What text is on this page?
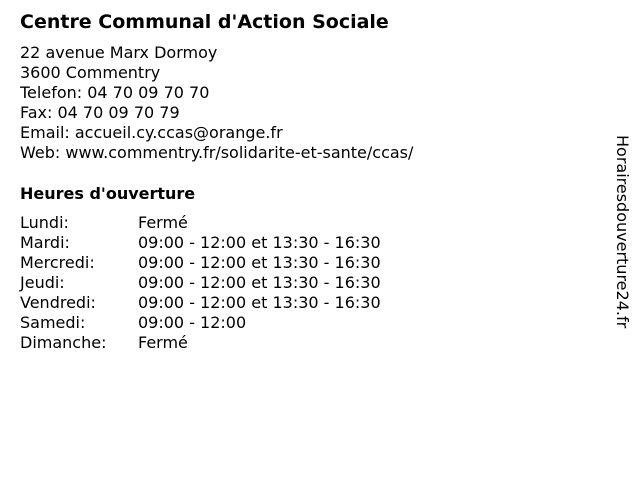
Centre Communal d'Action Sociale
22 avenue Marx Dormoy
3600 Commentry
Telefon: 04 70 09 70 70
Fax: 04 70 09 70 79
Email: accueil.cy.ccas@orange.fr
Web: www.commentry.fr/solidarite-et-sante/ccas/
Heures d'ouverture
Lundi:	Fermé
Mardi:	09:00 - 12:00 et 13:30 - 16:30
Mercredi:	09:00 - 12:00 et 13:30 - 16:30
Jeudi:	09:00 - 12:00 et 13:30 - 16:30
Vendredi:	09:00 - 12:00 et 13:30 - 16:30
Samedi:	09:00 - 12:00
Dimanche: Fermé
Horairesdouverture24.fr
